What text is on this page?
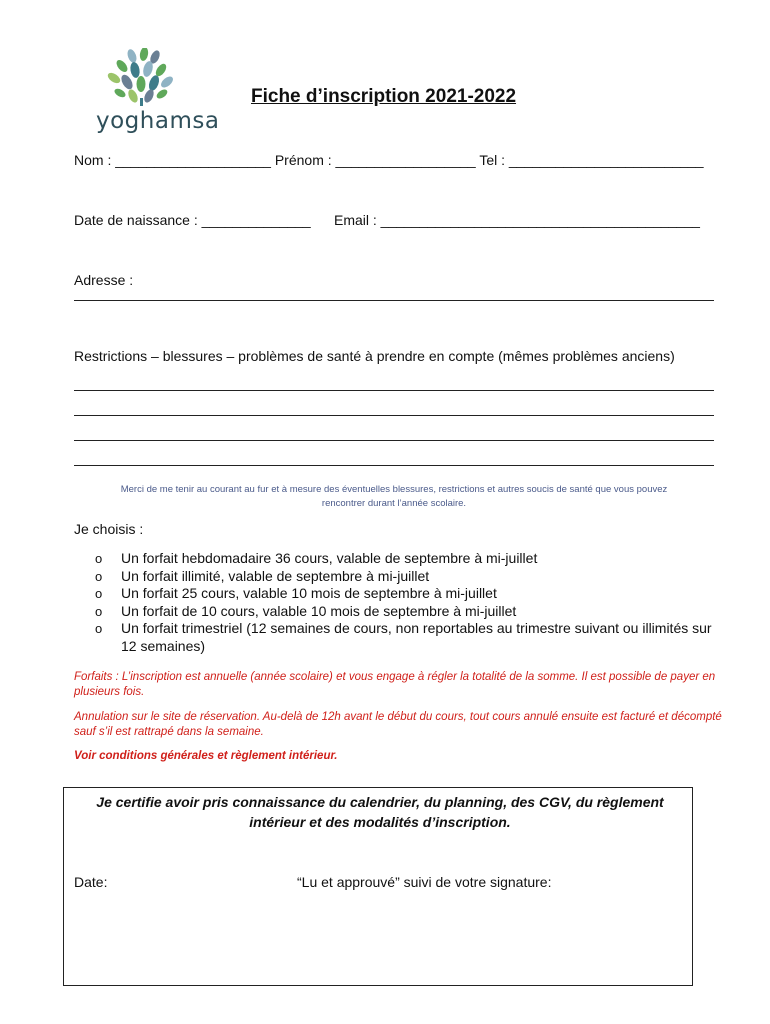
yoghamsa
Fiche d’inscription 2021-2022
Nom : ____________________ Prénom : __________________ Tel : _________________________
Date de naissance : ______________ Email : _________________________________________
Adresse :
Restrictions – blessures – problèmes de santé à prendre en compte (mêmes problèmes anciens)
Merci de me tenir au courant au fur et à mesure des éventuelles blessures, restrictions et autres soucis de santé que vous pouvez
rencontrer durant l’année scolaire.
Je choisis :
o Un forfait hebdomadaire 36 cours, valable de septembre à mi-juillet
o Un forfait illimité, valable de septembre à mi-juillet
o Un forfait 25 cours, valable 10 mois de septembre à mi-juillet
o Un forfait de 10 cours, valable 10 mois de septembre à mi-juillet
o Un forfait trimestriel (12 semaines de cours, non reportables au trimestre suivant ou illimités sur 12 semaines)
Forfaits : L’inscription est annuelle (année scolaire) et vous engage à régler la totalité de la somme. Il est possible de payer en plusieurs fois.
Annulation sur le site de réservation. Au-delà de 12h avant le début du cours, tout cours annulé ensuite est facturé et décompté sauf s’il est rattrapé dans la semaine.
Voir conditions générales et règlement intérieur.
Je certifie avoir pris connaissance du calendrier, du planning, des CGV, du règlement intérieur et des modalités d’inscription.
Date:	“Lu et approuvé” suivi de votre signature:
